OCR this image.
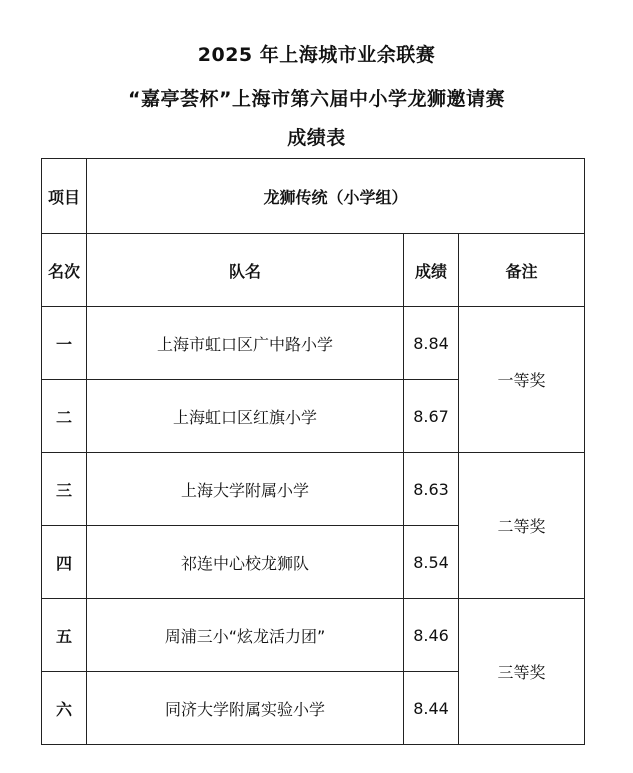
2025 年上海城市业余联赛
“嘉亭荟杯”上海市第六届中小学龙狮邀请赛
成绩表
项目	龙狮传统（小学组）		
名次	队名	成绩	备注
一	上海市虹口区广中路小学	8.84	一等奖
二	上海虹口区红旗小学	8.67	
三	上海大学附属小学	8.63	二等奖
四	祁连中心校龙狮队	8.54	
五	周浦三小“炫龙活力团”	8.46	三等奖
六	同济大学附属实验小学	8.44	
